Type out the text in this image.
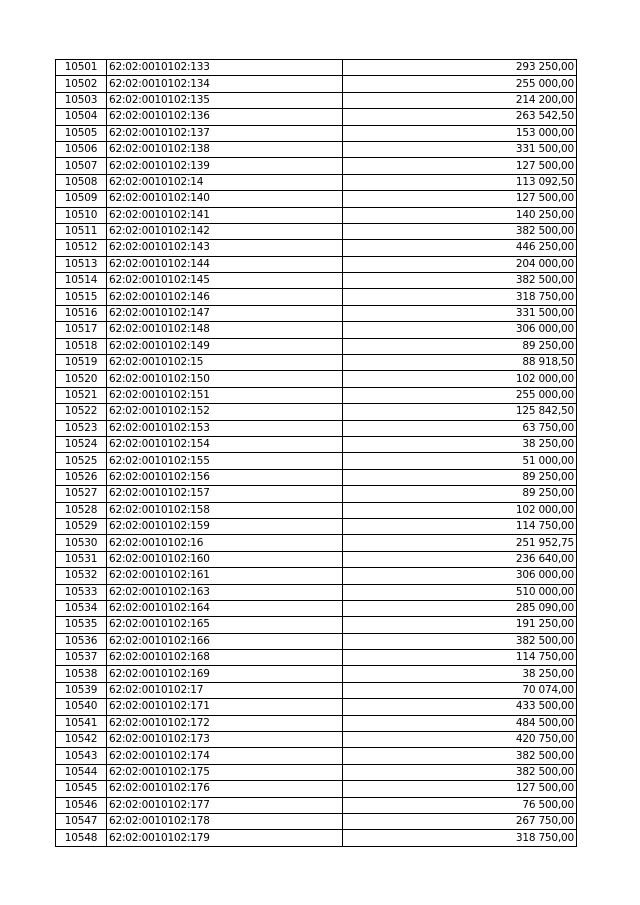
10501	62:02:0010102:133	293 250,00
10502	62:02:0010102:134	255 000,00
10503	62:02:0010102:135	214 200,00
10504	62:02:0010102:136	263 542,50
10505	62:02:0010102:137	153 000,00
10506	62:02:0010102:138	331 500,00
10507	62:02:0010102:139	127 500,00
10508	62:02:0010102:14	113 092,50
10509	62:02:0010102:140	127 500,00
10510	62:02:0010102:141	140 250,00
10511	62:02:0010102:142	382 500,00
10512	62:02:0010102:143	446 250,00
10513	62:02:0010102:144	204 000,00
10514	62:02:0010102:145	382 500,00
10515	62:02:0010102:146	318 750,00
10516	62:02:0010102:147	331 500,00
10517	62:02:0010102:148	306 000,00
10518	62:02:0010102:149	89 250,00
10519	62:02:0010102:15	88 918,50
10520	62:02:0010102:150	102 000,00
10521	62:02:0010102:151	255 000,00
10522	62:02:0010102:152	125 842,50
10523	62:02:0010102:153	63 750,00
10524	62:02:0010102:154	38 250,00
10525	62:02:0010102:155	51 000,00
10526	62:02:0010102:156	89 250,00
10527	62:02:0010102:157	89 250,00
10528	62:02:0010102:158	102 000,00
10529	62:02:0010102:159	114 750,00
10530	62:02:0010102:16	251 952,75
10531	62:02:0010102:160	236 640,00
10532	62:02:0010102:161	306 000,00
10533	62:02:0010102:163	510 000,00
10534	62:02:0010102:164	285 090,00
10535	62:02:0010102:165	191 250,00
10536	62:02:0010102:166	382 500,00
10537	62:02:0010102:168	114 750,00
10538	62:02:0010102:169	38 250,00
10539	62:02:0010102:17	70 074,00
10540	62:02:0010102:171	433 500,00
10541	62:02:0010102:172	484 500,00
10542	62:02:0010102:173	420 750,00
10543	62:02:0010102:174	382 500,00
10544	62:02:0010102:175	382 500,00
10545	62:02:0010102:176	127 500,00
10546	62:02:0010102:177	76 500,00
10547	62:02:0010102:178	267 750,00
10548	62:02:0010102:179	318 750,00
